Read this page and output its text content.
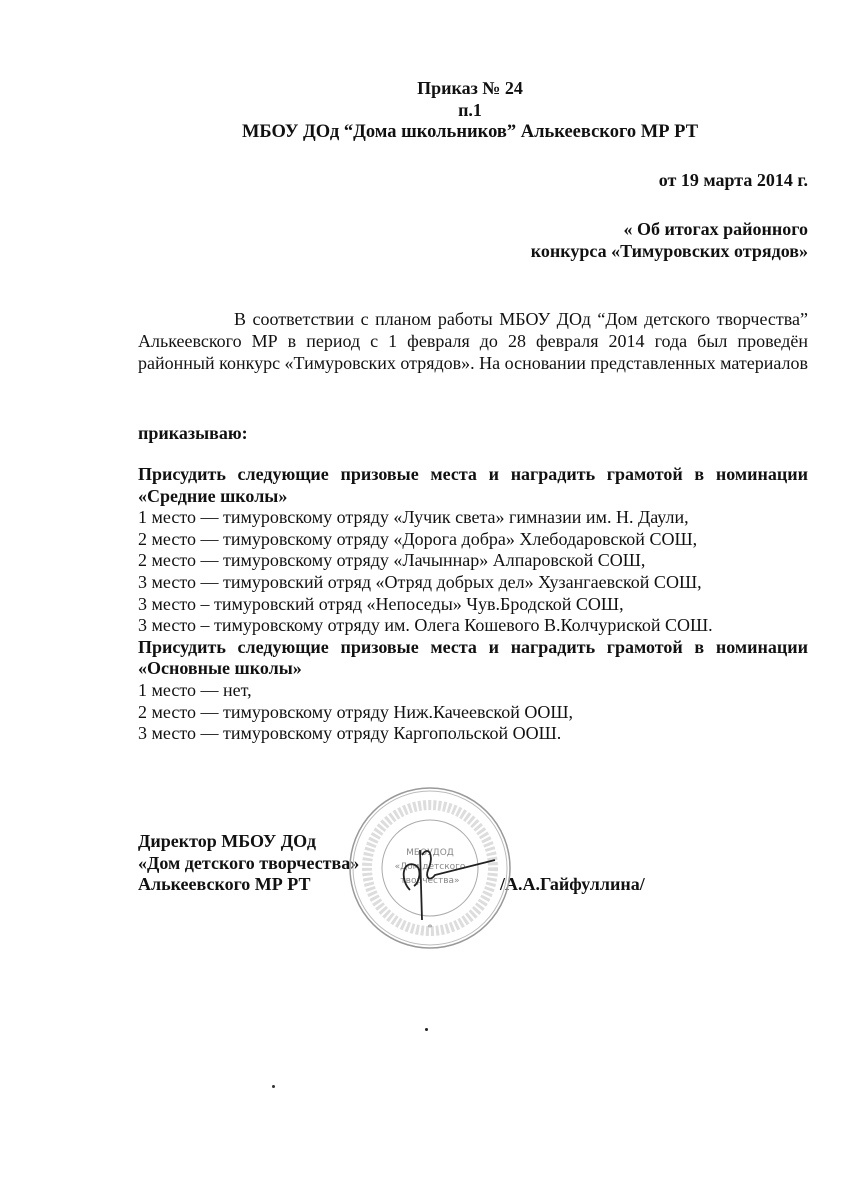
Приказ № 24
п.1
МБОУ ДОд “Дома школьников” Алькеевского МР РТ
от 19 марта 2014 г.
« Об итогах районного
конкурса «Тимуровских отрядов»
В соответствии с планом работы МБОУ ДОд “Дом детского творчества” Алькеевского МР в период с 1 февраля до 28 февраля 2014 года был проведён районный конкурс «Тимуровских отрядов». На основании представленных материалов
приказываю:
Присудить следующие призовые места и наградить грамотой в номинации «Средние школы»
1 место — тимуровскому отряду «Лучик света» гимназии им. Н. Даули,
2 место — тимуровскому отряду «Дорога добра» Хлебодаровской СОШ,
2 место — тимуровскому отряду «Лачыннар» Алпаровской СОШ,
3 место — тимуровский отряд «Отряд добрых дел» Хузангаевской СОШ,
3 место – тимуровский отряд «Непоседы» Чув.Бродской СОШ,
3 место – тимуровскому отряду им. Олега Кошевого В.Колчуриской СОШ.
Присудить следующие призовые места и наградить грамотой в номинации «Основные школы»
1 место — нет,
2 место — тимуровскому отряду Ниж.Качеевской ООШ,
3 место — тимуровскому отряду Каргопольской ООШ.
Директор МБОУ ДОд
«Дом детского творчества»
Алькеевского МР РТ	/А.А.Гайфуллина/
МБОУДОД
«Дом детского
творчества»
*
